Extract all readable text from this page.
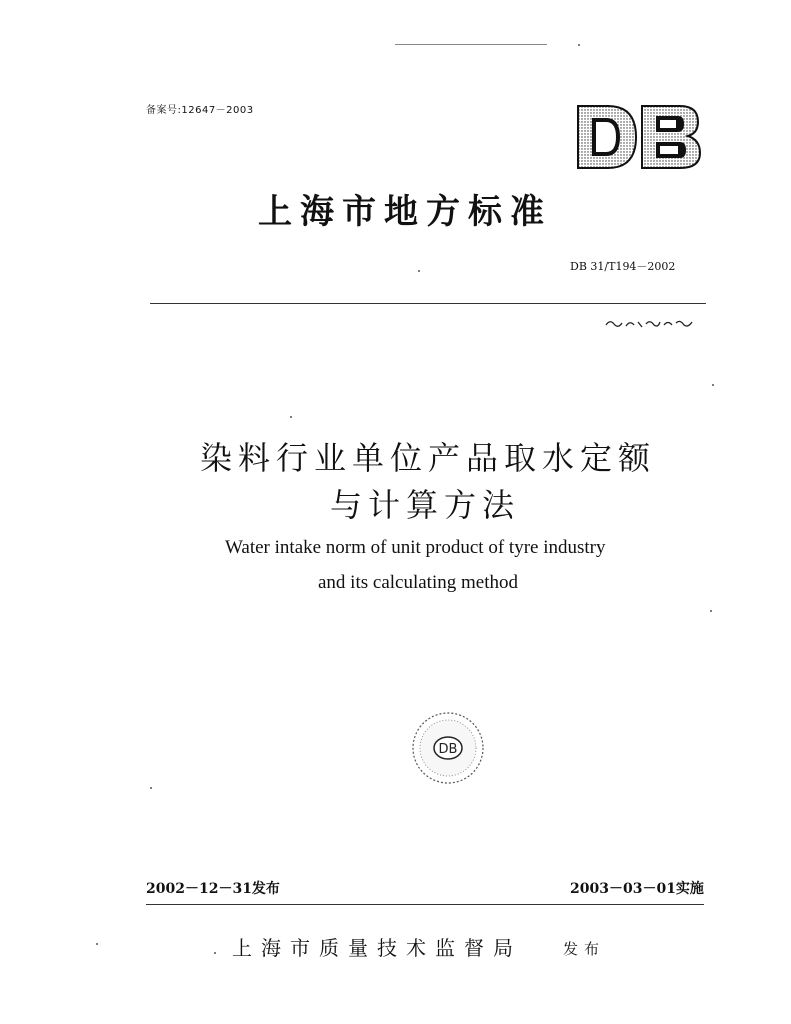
备案号:12647－2003
上海市地方标准
DB 31/T194－2002
染料行业单位产品取水定额
与计算方法
Water intake norm of unit product of tyre industry
and its calculating method
DB
2002－12－31发布	2003－03－01实施
上海市质量技术监督局	发布
